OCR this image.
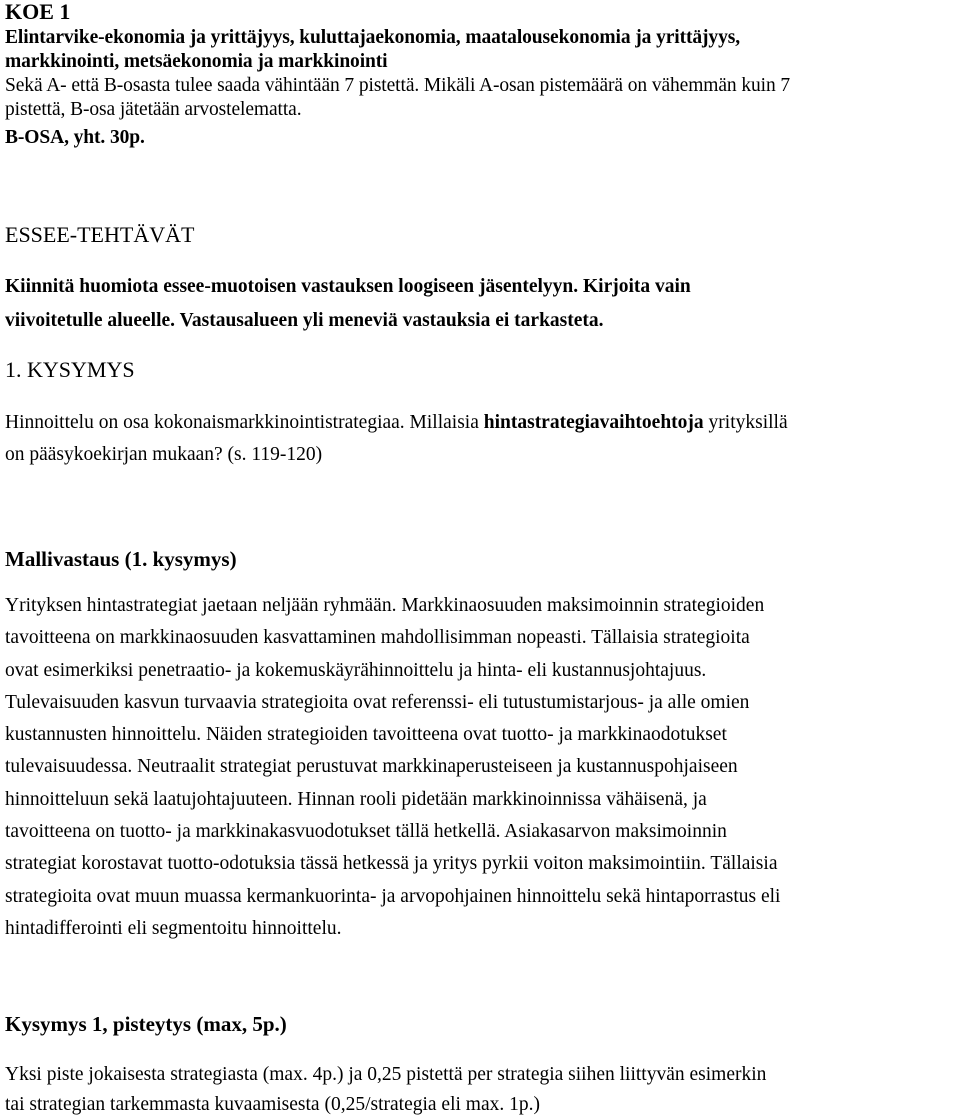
KOE 1
Elintarvike-ekonomia ja yrittäjyys, kuluttajaekonomia, maatalousekonomia ja yrittäjyys,
markkinointi, metsäekonomia ja markkinointi
Sekä A- että B-osasta tulee saada vähintään 7 pistettä. Mikäli A-osan pistemäärä on vähemmän kuin 7
pistettä, B-osa jätetään arvostelematta.
B-OSA, yht. 30p.
ESSEE-TEHTÄVÄT
Kiinnitä huomiota essee-muotoisen vastauksen loogiseen jäsentelyyn. Kirjoita vain
viivoitetulle alueelle. Vastausalueen yli meneviä vastauksia ei tarkasteta.
1. KYSYMYS
Hinnoittelu on osa kokonaismarkkinointistrategiaa. Millaisia hintastrategiavaihtoehtoja yrityksillä
on pääsykoekirjan mukaan? (s. 119-120)
Mallivastaus (1. kysymys)
Yrityksen hintastrategiat jaetaan neljään ryhmään. Markkinaosuuden maksimoinnin strategioiden
tavoitteena on markkinaosuuden kasvattaminen mahdollisimman nopeasti. Tällaisia strategioita
ovat esimerkiksi penetraatio- ja kokemuskäyrähinnoittelu ja hinta- eli kustannusjohtajuus.
Tulevaisuuden kasvun turvaavia strategioita ovat referenssi- eli tutustumistarjous- ja alle omien
kustannusten hinnoittelu. Näiden strategioiden tavoitteena ovat tuotto- ja markkinaodotukset
tulevaisuudessa. Neutraalit strategiat perustuvat markkinaperusteiseen ja kustannuspohjaiseen
hinnoitteluun sekä laatujohtajuuteen. Hinnan rooli pidetään markkinoinnissa vähäisenä, ja
tavoitteena on tuotto- ja markkinakasvuodotukset tällä hetkellä. Asiakasarvon maksimoinnin
strategiat korostavat tuotto-odotuksia tässä hetkessä ja yritys pyrkii voiton maksimointiin. Tällaisia
strategioita ovat muun muassa kermankuorinta- ja arvopohjainen hinnoittelu sekä hintaporrastus eli
hintadifferointi eli segmentoitu hinnoittelu.
Kysymys 1, pisteytys (max, 5p.)
Yksi piste jokaisesta strategiasta (max. 4p.) ja 0,25 pistettä per strategia siihen liittyvän esimerkin
tai strategian tarkemmasta kuvaamisesta (0,25/strategia eli max. 1p.)
